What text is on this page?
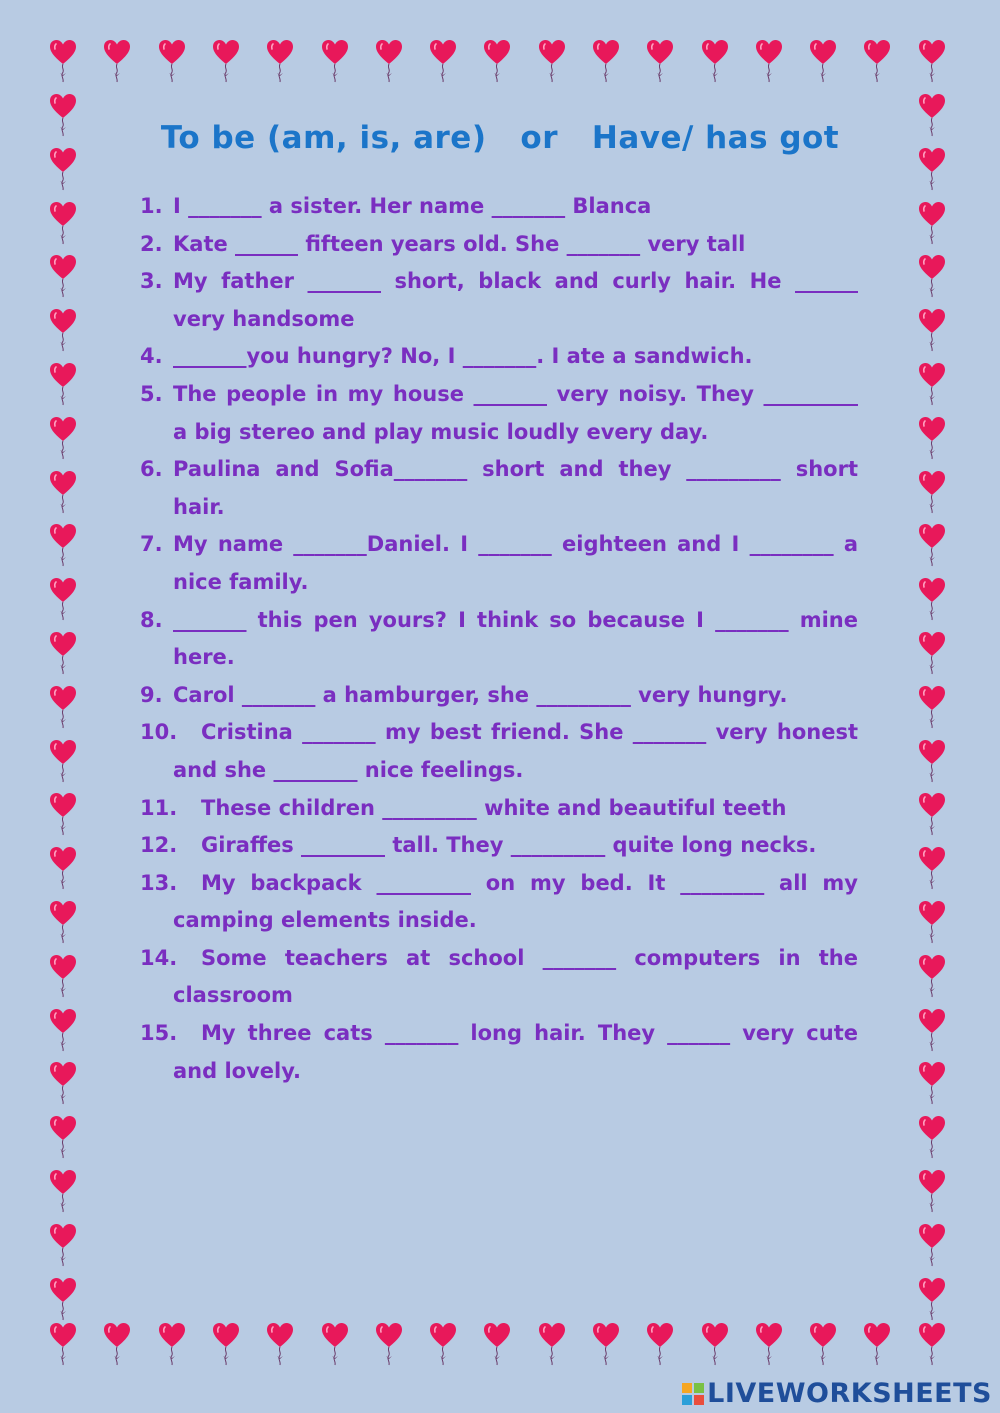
To be (am, is, are) or Have/ has got
1. I _______ a sister. Her name _______ Blanca
2. Kate ______ fifteen years old. She _______ very tall
3. My father _______ short, black and curly hair. He ______ very handsome
4. _______you hungry? No, I _______. I ate a sandwich.
5. The people in my house _______ very noisy. They _________ a big stereo and play music loudly every day.
6. Paulina and Sofia_______ short and they _________ short hair.
7. My name _______Daniel. I _______ eighteen and I ________ a nice family.
8. _______ this pen yours? I think so because I _______ mine here.
9. Carol _______ a hamburger, she _________ very hungry.
10.	Cristina _______ my best friend. She _______ very honest and she ________ nice feelings.
11.	These children _________ white and beautiful teeth
12.	Giraffes ________ tall. They _________ quite long necks.
13.	My backpack _________ on my bed. It ________ all my camping elements inside.
14.	Some teachers at school _______ computers in the classroom
15.	My three cats _______ long hair. They ______ very cute and lovely.
LIVEWORKSHEETS
